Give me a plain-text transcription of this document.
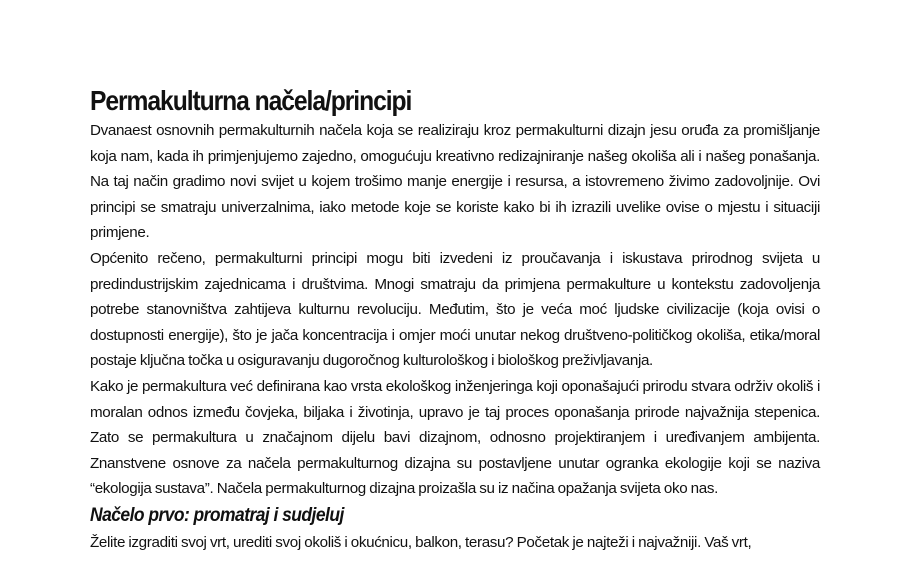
Permakulturna načela/principi

Dvanaest osnovnih permakulturnih načela koja se realiziraju kroz permakulturni dizajn jesu oruđa za promišljanje koja nam, kada ih primjenjujemo zajedno, omogućuju kreativno redizajniranje našeg okoliša ali i našeg ponašanja. Na taj način gradimo novi svijet u kojem trošimo manje energije i resursa, a istovremeno živimo zadovoljnije. Ovi principi se smatraju univerzalnima, iako metode koje se koriste kako bi ih izrazili uvelike ovise o mjestu i situaciji primjene.

Općenito rečeno, permakulturni principi mogu biti izvedeni iz proučavanja i iskustava prirodnog svijeta u predindustrijskim zajednicama i društvima. Mnogi smatraju da primjena permakulture u kontekstu zadovoljenja potrebe stanovništva zahtijeva kulturnu revoluciju. Međutim, što je veća moć ljudske civilizacije (koja ovisi o dostupnosti energije), što je jača koncentracija i omjer moći unutar nekog društveno-političkog okoliša, etika/moral postaje ključna točka u osiguravanju dugoročnog kulturološkog i biološkog preživljavanja.

Kako je permakultura već definirana kao vrsta ekološkog inženjeringa koji oponašajući prirodu stvara održiv okoliš i moralan odnos između čovjeka, biljaka i životinja, upravo je taj proces oponašanja prirode najvažnija stepenica. Zato se permakultura u značajnom dijelu bavi dizajnom, odnosno projektiranjem i uređivanjem ambijenta. Znanstvene osnove za načela permakulturnog dizajna su postavljene unutar ogranka ekologije koji se naziva “ekologija sustava”. Načela permakulturnog dizajna proizašla su iz načina opažanja svijeta oko nas.

Načelo prvo: promatraj i sudjeluj

Želite izgraditi svoj vrt, urediti svoj okoliš i okućnicu, balkon, terasu? Početak je najteži i najvažniji. Vaš vrt,
